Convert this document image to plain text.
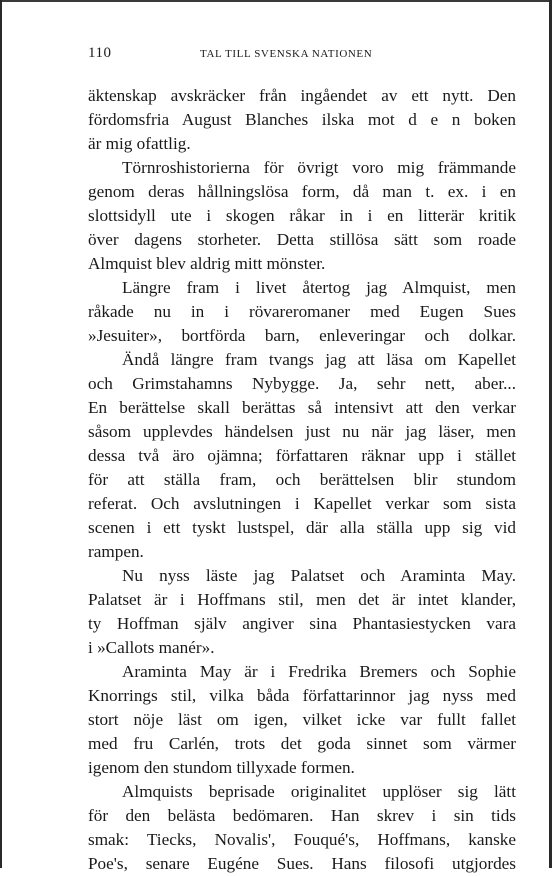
110	TAL TILL SVENSKA NATIONEN
äktenskap avskräcker från ingåendet av ett nytt. Den
fördomsfria August Blanches ilska mot d e n boken
är mig ofattlig.
Törnroshistorierna för övrigt voro mig främmande
genom deras hållningslösa form, då man t. ex. i en
slottsidyll ute i skogen råkar in i en litterär kritik
över dagens storheter. Detta stillösa sätt som roade
Almquist blev aldrig mitt mönster.
Längre fram i livet återtog jag Almquist, men
råkade nu in i rövareromaner med Eugen Sues
»Jesuiter», bortförda barn, enleveringar och dolkar.
Ändå längre fram tvangs jag att läsa om Kapellet
och Grimstahamns Nybygge. Ja, sehr nett, aber...
En berättelse skall berättas så intensivt att den verkar
såsom upplevdes händelsen just nu när jag läser, men
dessa två äro ojämna; författaren räknar upp i stället
för att ställa fram, och berättelsen blir stundom
referat. Och avslutningen i Kapellet verkar som sista
scenen i ett tyskt lustspel, där alla ställa upp sig vid
rampen.
Nu nyss läste jag Palatset och Araminta May.
Palatset är i Hoffmans stil, men det är intet klander,
ty Hoffman själv angiver sina Phantasiestycken vara
i »Callots manér».
Araminta May är i Fredrika Bremers och Sophie
Knorrings stil, vilka båda författarinnor jag nyss med
stort nöje läst om igen, vilket icke var fullt fallet
med fru Carlén, trots det goda sinnet som värmer
igenom den stundom tillyxade formen.
Almquists beprisade originalitet upplöser sig lätt
för den belästa bedömaren. Han skrev i sin tids
smak: Tiecks, Novalis', Fouqué's, Hoffmans, kanske
Poe's, senare Eugéne Sues. Hans filosofi utgjordes
